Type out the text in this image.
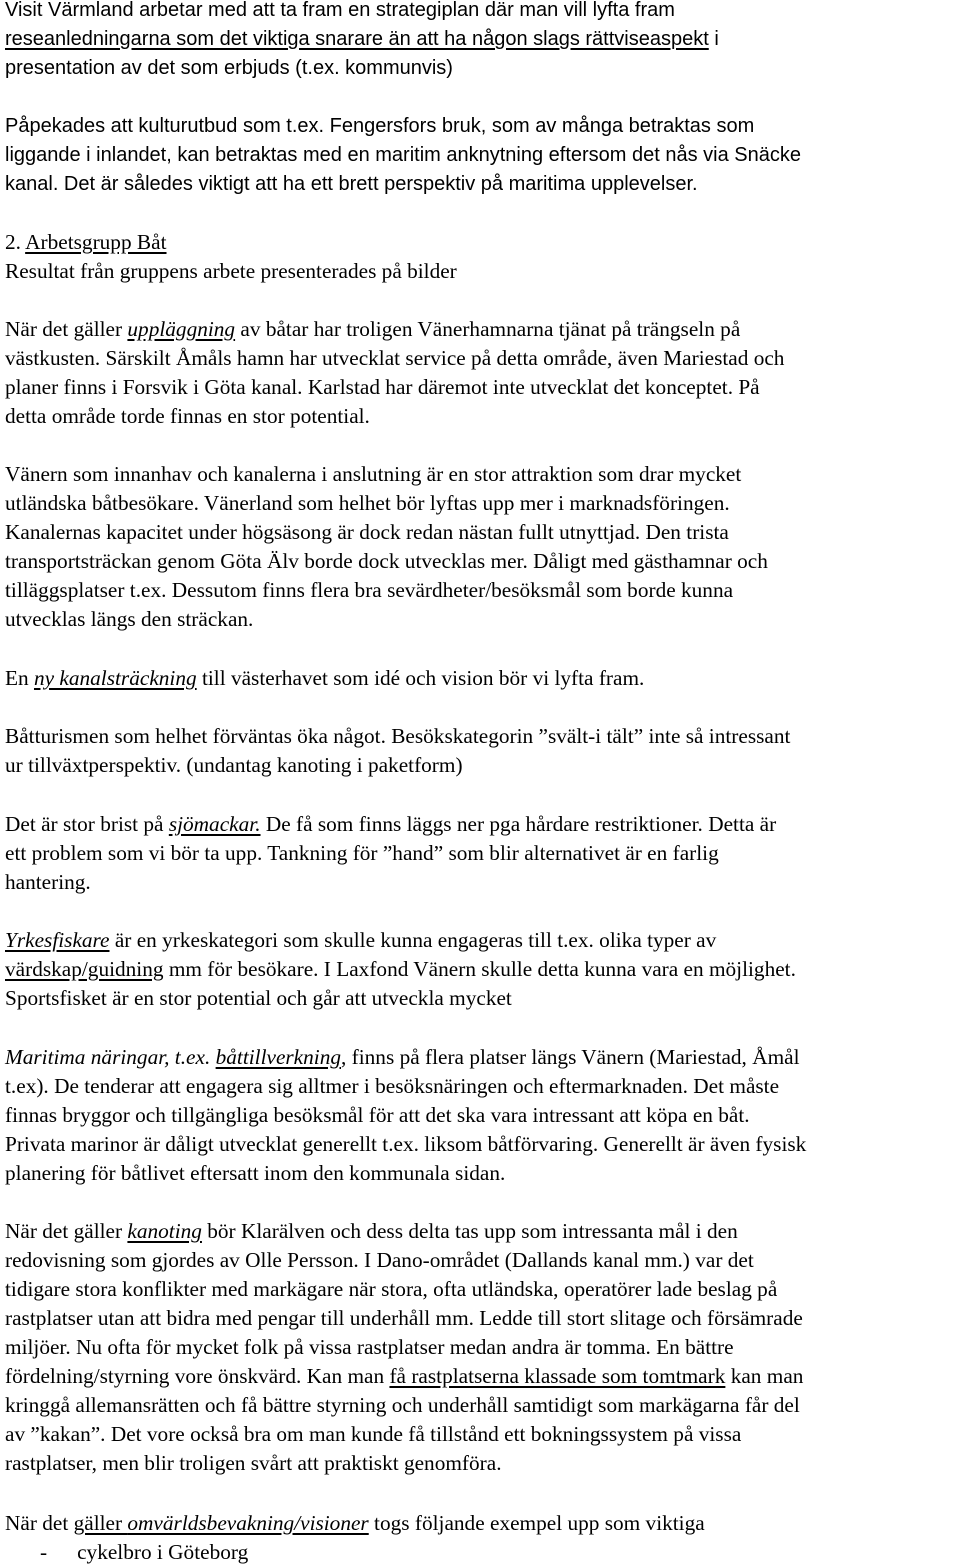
Visit Värmland arbetar med att ta fram en strategiplan där man vill lyfta fram
reseanledningarna som det viktiga snarare än att ha någon slags rättviseaspekt i
presentation av det som erbjuds (t.ex. kommunvis)
Påpekades att kulturutbud som t.ex. Fengersfors bruk, som av många betraktas som
liggande i inlandet, kan betraktas med en maritim anknytning eftersom det nås via Snäcke
kanal. Det är således viktigt att ha ett brett perspektiv på maritima upplevelser.
2. Arbetsgrupp Båt
Resultat från gruppens arbete presenterades på bilder
När det gäller uppläggning av båtar har troligen Vänerhamnarna tjänat på trängseln på
västkusten. Särskilt Åmåls hamn har utvecklat service på detta område, även Mariestad och
planer finns i Forsvik i Göta kanal. Karlstad har däremot inte utvecklat det konceptet. På
detta område torde finnas en stor potential.
Vänern som innanhav och kanalerna i anslutning är en stor attraktion som drar mycket
utländska båtbesökare. Vänerland som helhet bör lyftas upp mer i marknadsföringen.
Kanalernas kapacitet under högsäsong är dock redan nästan fullt utnyttjad. Den trista
transportsträckan genom Göta Älv borde dock utvecklas mer. Dåligt med gästhamnar och
tilläggsplatser t.ex. Dessutom finns flera bra sevärdheter/besöksmål som borde kunna
utvecklas längs den sträckan.
En ny kanalsträckning till västerhavet som idé och vision bör vi lyfta fram.
Båtturismen som helhet förväntas öka något. Besökskategorin ”svält-i tält” inte så intressant
ur tillväxtperspektiv. (undantag kanoting i paketform)
Det är stor brist på sjömackar. De få som finns läggs ner pga hårdare restriktioner. Detta är
ett problem som vi bör ta upp. Tankning för ”hand” som blir alternativet är en farlig
hantering.
Yrkesfiskare är en yrkeskategori som skulle kunna engageras till t.ex. olika typer av
värdskap/guidning mm för besökare. I Laxfond Vänern skulle detta kunna vara en möjlighet.
Sportsfisket är en stor potential och går att utveckla mycket
Maritima näringar, t.ex. båttillverkning, finns på flera platser längs Vänern (Mariestad, Åmål
t.ex). De tenderar att engagera sig alltmer i besöksnäringen och eftermarknaden. Det måste
finnas bryggor och tillgängliga besöksmål för att det ska vara intressant att köpa en båt.
Privata marinor är dåligt utvecklat generellt t.ex. liksom båtförvaring. Generellt är även fysisk
planering för båtlivet eftersatt inom den kommunala sidan.
När det gäller kanoting bör Klarälven och dess delta tas upp som intressanta mål i den
redovisning som gjordes av Olle Persson. I Dano-området (Dallands kanal mm.) var det
tidigare stora konflikter med markägare när stora, ofta utländska, operatörer lade beslag på
rastplatser utan att bidra med pengar till underhåll mm. Ledde till stort slitage och försämrade
miljöer. Nu ofta för mycket folk på vissa rastplatser medan andra är tomma. En bättre
fördelning/styrning vore önskvärd. Kan man få rastplatserna klassade som tomtmark kan man
kringgå allemansrätten och få bättre styrning och underhåll samtidigt som markägarna får del
av ”kakan”. Det vore också bra om man kunde få tillstånd ett bokningssystem på vissa
rastplatser, men blir troligen svårt att praktiskt genomföra.
När det gäller omvärldsbevakning/visioner togs följande exempel upp som viktiga
- cykelbro i Göteborg
